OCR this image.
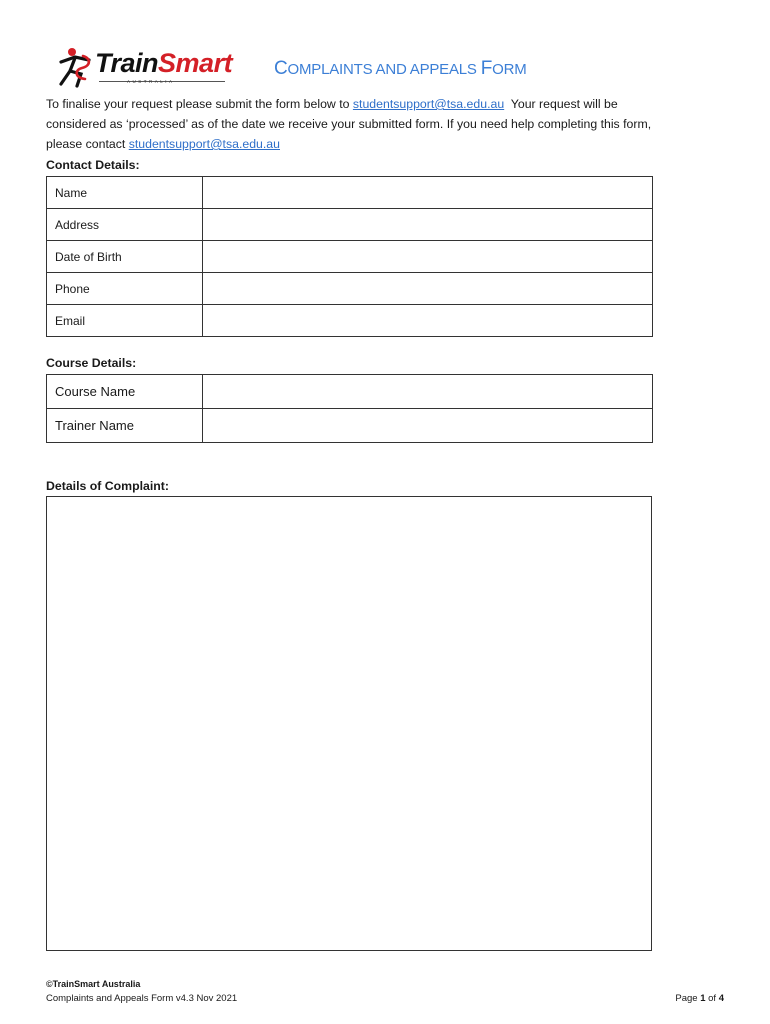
TrainSmart
AUSTRALIA
COMPLAINTS AND APPEALS FORM
To finalise your request please submit the form below to studentsupport@tsa.edu.au  Your request will be
considered as ‘processed’ as of the date we receive your submitted form. If you need help completing this form,
please contact studentsupport@tsa.edu.au
Contact Details:
Name	
Address	
Date of Birth	
Phone	
Email	
Course Details:
Course Name	
Trainer Name	
Details of Complaint:
©TrainSmart Australia
Complaints and Appeals Form v4.3 Nov 2021	Page 1 of 4
